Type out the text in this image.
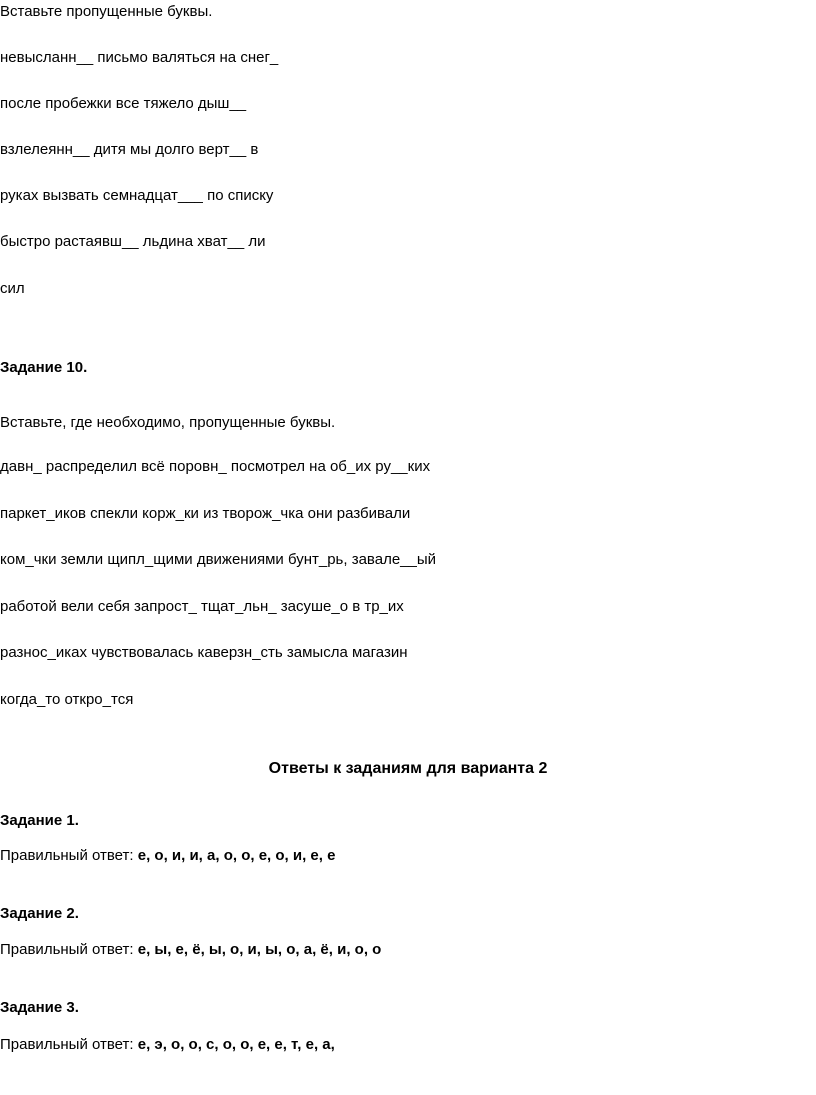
Вставьте пропущенные буквы.
невысланн__ письмо валяться на снег_
после пробежки все тяжело дыш__
взлелеянн__ дитя мы долго верт__ в
руках вызвать семнадцат___ по списку
быстро растаявш__ льдина хват__ ли
сил
Задание 10.
Вставьте, где необходимо, пропущенные буквы.
давн_ распределил всё поровн_ посмотрел на об_их ру__ких
паркет_иков спекли корж_ки из творож_чка они разбивали
ком_чки земли щипл_щими движениями бунт_рь, завале__ый
работой вели себя запрост_ тщат_льн_ засуше_о в тр_их
разнос_иках чувствовалась каверзн_сть замысла магазин
когда_то откро_тся
Ответы к заданиям для варианта 2
Задание 1.
Правильный ответ: е, о, и, и, а, о, о, е, о, и, е, е
Задание 2.
Правильный ответ: е, ы, е, ё, ы, о, и, ы, о, а, ё, и, о, о
Задание 3.
Правильный ответ: е, э, о, о, с, о, о, е, е, т, е, а,
